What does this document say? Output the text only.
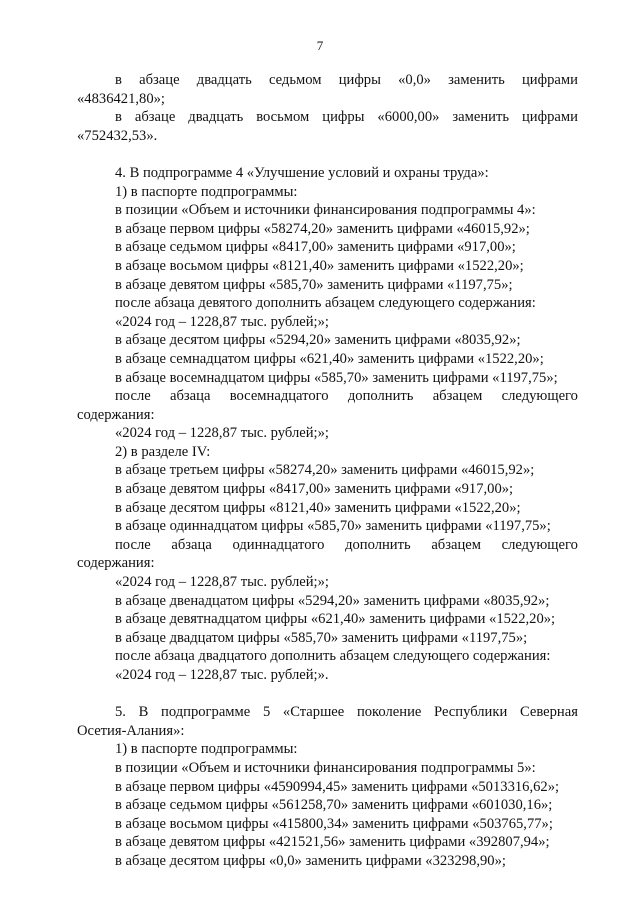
7
в абзаце двадцать седьмом цифры «0,0» заменить цифрами
«4836421,80»;
в абзаце двадцать восьмом цифры «6000,00» заменить цифрами
«752432,53».
4. В подпрограмме 4 «Улучшение условий и охраны труда»:
1) в паспорте подпрограммы:
в позиции «Объем и источники финансирования подпрограммы 4»:
в абзаце первом цифры «58274,20» заменить цифрами «46015,92»;
в абзаце седьмом цифры «8417,00» заменить цифрами «917,00»;
в абзаце восьмом цифры «8121,40» заменить цифрами «1522,20»;
в абзаце девятом цифры «585,70» заменить цифрами «1197,75»;
после абзаца девятого дополнить абзацем следующего содержания:
«2024 год – 1228,87 тыс. рублей;»;
в абзаце десятом цифры «5294,20» заменить цифрами «8035,92»;
в абзаце семнадцатом цифры «621,40» заменить цифрами «1522,20»;
в абзаце восемнадцатом цифры «585,70» заменить цифрами «1197,75»;
после абзаца восемнадцатого дополнить абзацем следующего
содержания:
«2024 год – 1228,87 тыс. рублей;»;
2) в разделе IV:
в абзаце третьем цифры «58274,20» заменить цифрами «46015,92»;
в абзаце девятом цифры «8417,00» заменить цифрами «917,00»;
в абзаце десятом цифры «8121,40» заменить цифрами «1522,20»;
в абзаце одиннадцатом цифры «585,70» заменить цифрами «1197,75»;
после абзаца одиннадцатого дополнить абзацем следующего
содержания:
«2024 год – 1228,87 тыс. рублей;»;
в абзаце двенадцатом цифры «5294,20» заменить цифрами «8035,92»;
в абзаце девятнадцатом цифры «621,40» заменить цифрами «1522,20»;
в абзаце двадцатом цифры «585,70» заменить цифрами «1197,75»;
после абзаца двадцатого дополнить абзацем следующего содержания:
«2024 год – 1228,87 тыс. рублей;».
5. В подпрограмме 5 «Старшее поколение Республики Северная
Осетия-Алания»:
1) в паспорте подпрограммы:
в позиции «Объем и источники финансирования подпрограммы 5»:
в абзаце первом цифры «4590994,45» заменить цифрами «5013316,62»;
в абзаце седьмом цифры «561258,70» заменить цифрами «601030,16»;
в абзаце восьмом цифры «415800,34» заменить цифрами «503765,77»;
в абзаце девятом цифры «421521,56» заменить цифрами «392807,94»;
в абзаце десятом цифры «0,0» заменить цифрами «323298,90»;
